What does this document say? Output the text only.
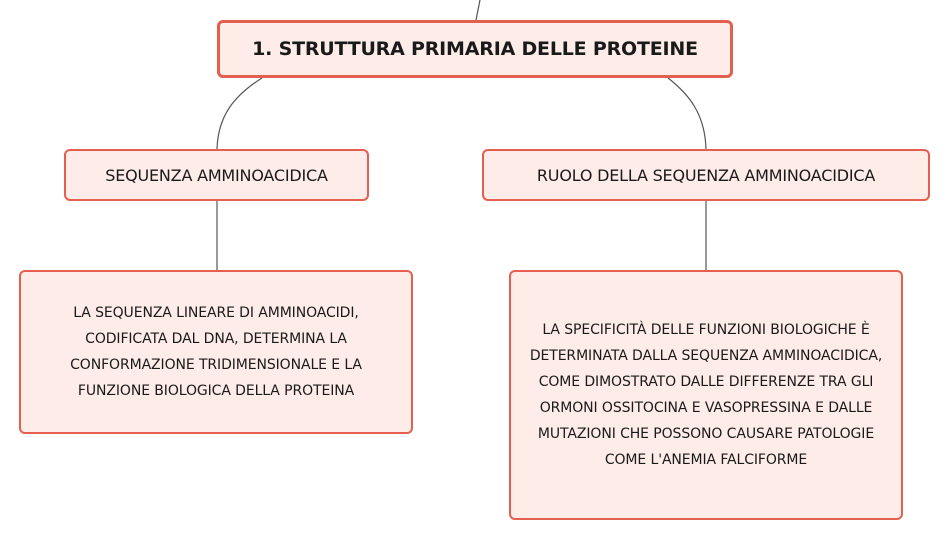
1. STRUTTURA PRIMARIA DELLE PROTEINE
SEQUENZA AMMINOACIDICA	RUOLO DELLA SEQUENZA AMMINOACIDICA
LA SEQUENZA LINEARE DI AMMINOACIDI, CODIFICATA DAL DNA, DETERMINA LA CONFORMAZIONE TRIDIMENSIONALE E LA FUNZIONE BIOLOGICA DELLA PROTEINA
LA SPECIFICITÀ DELLE FUNZIONI BIOLOGICHE È DETERMINATA DALLA SEQUENZA AMMINOACIDICA, COME DIMOSTRATO DALLE DIFFERENZE TRA GLI ORMONI OSSITOCINA E VASOPRESSINA E DALLE MUTAZIONI CHE POSSONO CAUSARE PATOLOGIE COME L'ANEMIA FALCIFORME
